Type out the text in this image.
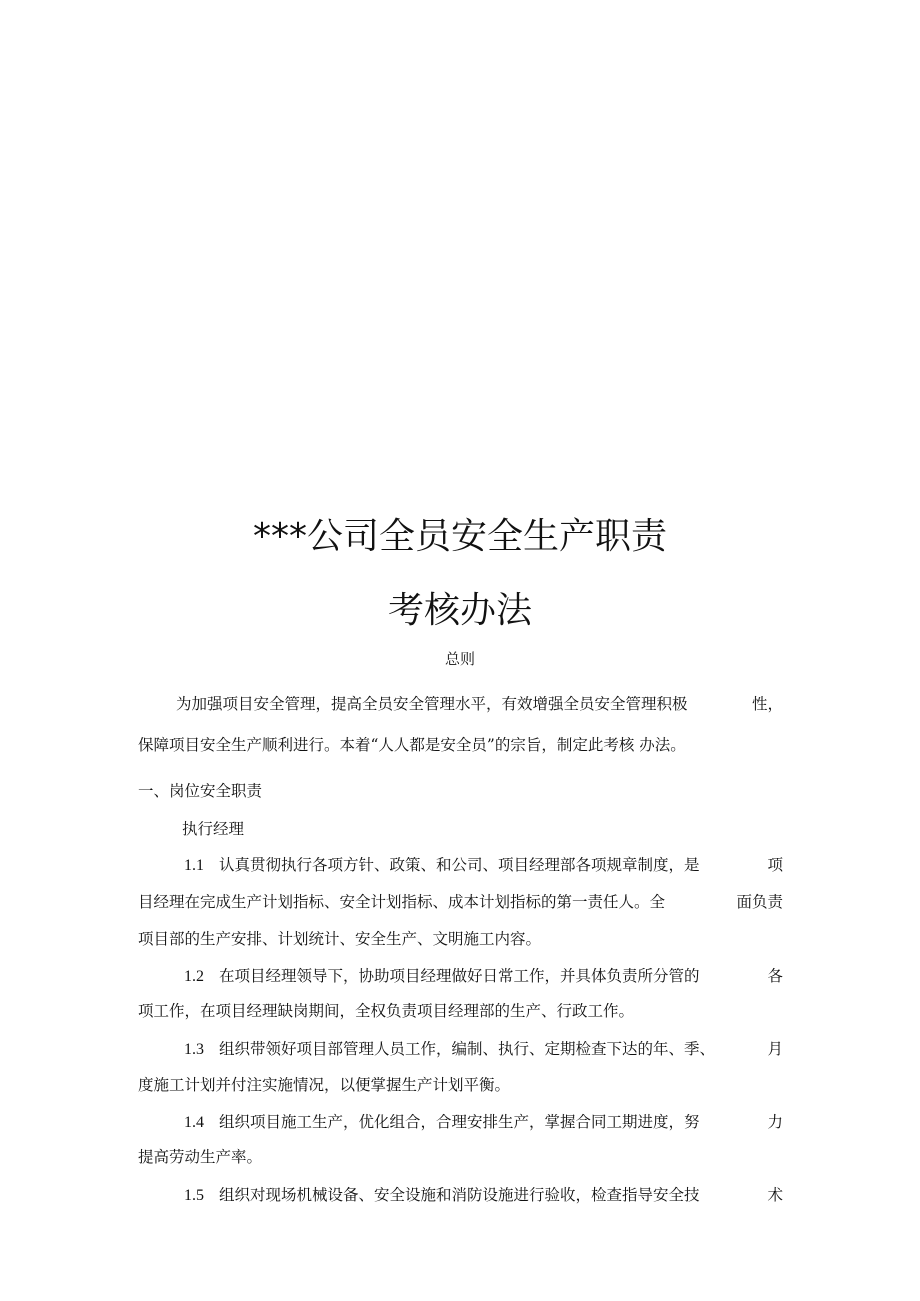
***公司全员安全生产职责
考核办法
总则
为加强项目安全管理，提高全员安全管理水平，有效增强全员安全管理积极	性，
保障项目安全生产顺利进行。本着“人人都是安全员”的宗旨，制定此考核 办法。
一、岗位安全职责
执行经理
1.1 认真贯彻执行各项方针、政策、和公司、项目经理部各项规章制度，是	项
目经理在完成生产计划指标、安全计划指标、成本计划指标的第一责任人。全	面负责
项目部的生产安排、计划统计、安全生产、文明施工内容。
1.2 在项目经理领导下，协助项目经理做好日常工作，并具体负责所分管的	各
项工作，在项目经理缺岗期间，全权负责项目经理部的生产、行政工作。
1.3 组织带领好项目部管理人员工作，编制、执行、定期检查下达的年、季、	月
度施工计划并付注实施情况，以便掌握生产计划平衡。
1.4 组织项目施工生产，优化组合，合理安排生产，掌握合同工期进度，努	力
提高劳动生产率。
1.5 组织对现场机械设备、安全设施和消防设施进行验收，检查指导安全技	术
